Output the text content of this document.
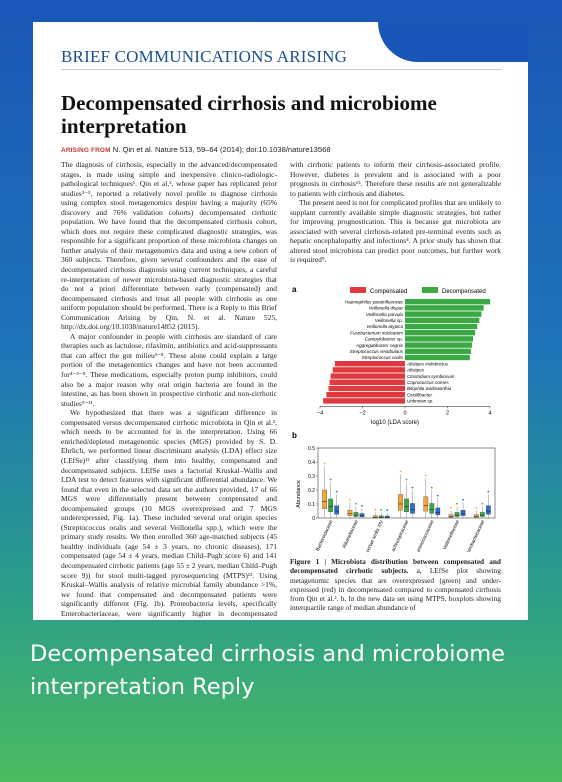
BRIEF COMMUNICATIONS ARISING
Decompensated cirrhosis and microbiome interpretation
ARISING FROM N. Qin et al. Nature 513, 59–64 (2014); doi:10.1038/nature13568

The diagnosis of cirrhosis, especially in the advanced/decompensated stages, is made using simple and inexpensive clinico-radiologic-pathological techniques¹. Qin et al.², whose paper has replicated prior studies³⁻⁵, reported a relatively novel profile to diagnose cirrhosis using complex stool metagenomics despite having a majority (65% discovery and 76% validation cohorts) decompensated cirrhotic population. We have found that the decompensated cirrhosis cohort, which does not require these complicated diagnostic strategies, was responsible for a significant proportion of these microbiota changes on further analysis of their metagenomics data and using a new cohort of 360 subjects. Therefore, given several confounders and the ease of decompensated cirrhosis diagnosis using current techniques, a careful re-interpretation of newer microbiota-based diagnostic strategies that do not a priori differentiate between early (compensated) and decompensated cirrhosis and treat all people with cirrhosis as one uniform population should be performed. There is a Reply to this Brief Communication Arising by Qin, N. et al. Nature 525, http://dx.doi.org/10.1038/nature14852 (2015).

A major confounder in people with cirrhosis are standard of care therapies such as lactulose, rifaximin, antibiotics and acid-suppressants that can affect the gut milieu³⁻⁸. These alone could explain a large portion of the metagenomics changes and have not been accounted for⁴⁻⁵⁻⁸. These medications, especially proton pump inhibitors, could also be a major reason why oral origin bacteria are found in the intestine, as has been shown in prospective cirrhotic and non-cirrhotic studies⁹⁻¹¹.

We hypothesized that there was a significant difference in compensated versus decompensated cirrhotic microbiota in Qin et al.², which needs to be accounted for in the interpretation. Using 66 enriched/depleted metagenomic species (MGS) provided by S. D. Ehrlich, we performed linear discriminant analysis (LDA) effect size (LEfSe)¹² after classifying them into healthy, compensated and decompensated subjects. LEfSe uses a factorial Kruskal–Wallis and LDA test to detect features with significant differential abundance. We found that even in the selected data set the authors provided, 17 of 66 MGS were differentially present between compensated and decompensated groups (10 MGS overexpressed and 7 MGS underexpressed, Fig. 1a). These included several oral origin species (Streptococcus oralis and several Veillonella spp.), which were the primary study results. We then enrolled 360 age-matched subjects (45 healthy individuals (age 54 ± 3 years, no chronic diseases), 171 compensated (age 54 ± 4 years, median Child–Pugh score 6) and 141 decompensated cirrhotic patients (age 55 ± 2 years, median Child–Pugh score 9)) for stool multi-tagged pyrosequencing (MTPS)¹³. Using Kruskal–Wallis analysis of relative microbial family abundance >1%, we found that compensated and decompensated patients were significantly different (Fig. 1b). Proteobacteria levels, specifically Enterobacteriaceae, were significantly higher in decompensated

with cirrhotic patients to inform their cirrhosis-associated profile. However, diabetes is prevalent and is associated with a poor prognosis in cirrhosis¹⁵. Therefore these results are not generalizable to patients with cirrhosis and diabetes.

The present need is not for complicated profiles that are unlikely to supplant currently available simple diagnostic strategies, but rather for improving prognostication. This is because gut microbiota are associated with several cirrhosis-related pre-terminal events such as hepatic encephalopathy and infections⁴. A prior study has shown that altered stool microbiota can predict poor outcomes, but further work is required⁹.

a	Compensated	Decompensated
Haemophilus parainfluenzae
Veillonella dispar
Veillonella parvula
Veillonella sp.
Veillonella atypica
Fusobacterium nucleatum
Campylobacter sp.
Aggregatibacter segnis
Streptococcus vestibularis
Streptococcus oralis
Alistipes indistinctus
Alistipes
Clostridium symbiosum
Coprococcus comes
Bilophila wadsworthia
Oscillibacter
Unknown sp.
−4	−2	0	2	4
log10 (LDA score)
b
0.5
0.4
0.3
0.2
0.1
0
Bacteroidaceae Rikenellaceae Incertae sedis XIV Lachnospiraceae Ruminococcaceae Veillonellaceae Enterobacteriaceae
Abundance
Figure 1 | Microbiota distribution between compensated and decompensated cirrhotic subjects. a, LEfSe plot showing metagenomic species that are overexpressed (green) and under-expressed (red) in decompensated compared to compensated cirrhosis from Qin et al.². b, In the new data set using MTPS, boxplots showing interquartile range of median abundance of
Decompensated cirrhosis and microbiome interpretation Reply
